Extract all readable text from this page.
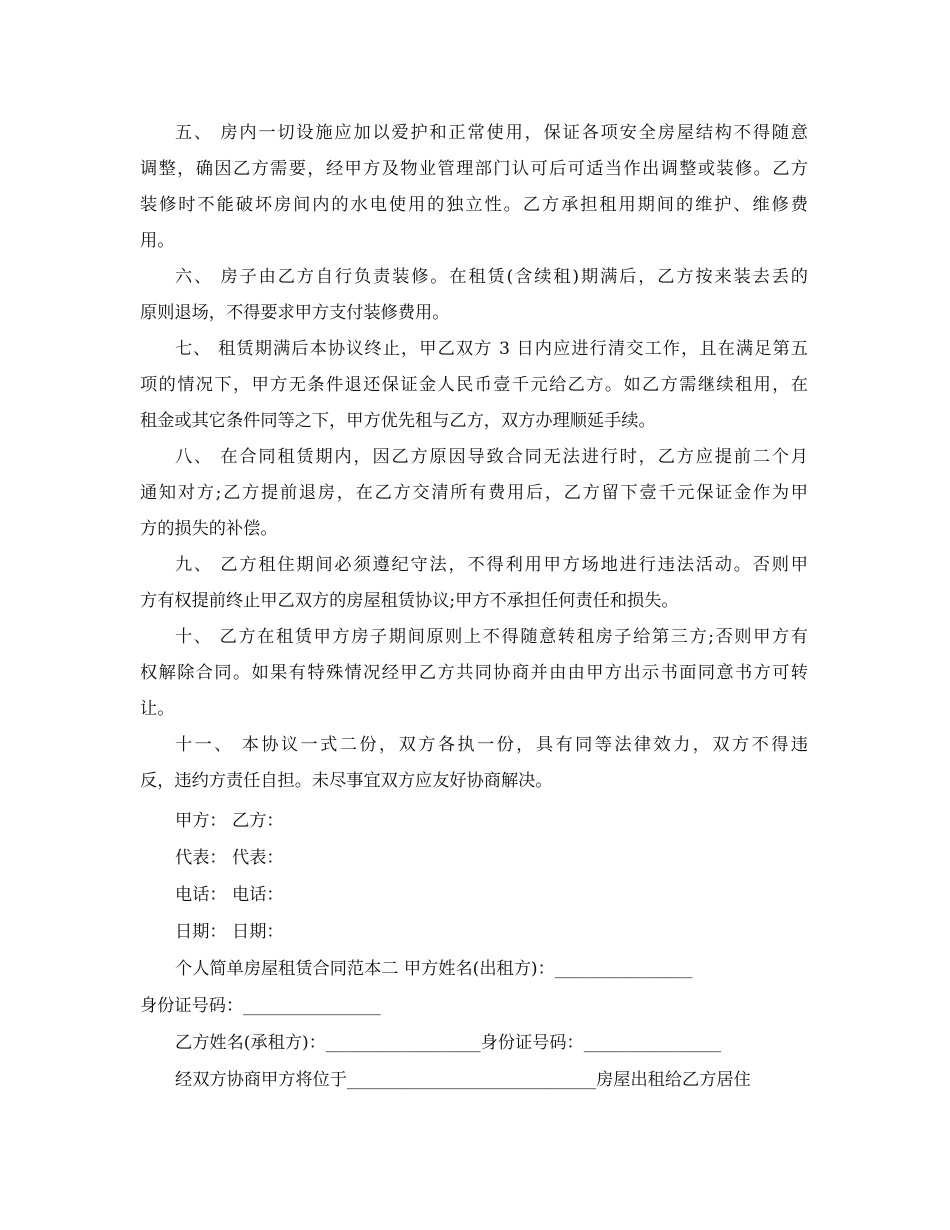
五、 房内一切设施应加以爱护和正常使用，保证各项安全房屋结构不得随意
调整，确因乙方需要，经甲方及物业管理部门认可后可适当作出调整或装修。乙方
装修时不能破坏房间内的水电使用的独立性。乙方承担租用期间的维护、维修费
用。
六、 房子由乙方自行负责装修。在租赁(含续租)期满后，乙方按来装去丢的
原则退场，不得要求甲方支付装修费用。
七、 租赁期满后本协议终止，甲乙双方 3 日内应进行清交工作，且在满足第五
项的情况下，甲方无条件退还保证金人民币壹千元给乙方。如乙方需继续租用，在
租金或其它条件同等之下，甲方优先租与乙方，双方办理顺延手续。
八、 在合同租赁期内，因乙方原因导致合同无法进行时，乙方应提前二个月
通知对方;乙方提前退房，在乙方交清所有费用后，乙方留下壹千元保证金作为甲
方的损失的补偿。
九、 乙方租住期间必须遵纪守法，不得利用甲方场地进行违法活动。否则甲
方有权提前终止甲乙双方的房屋租赁协议;甲方不承担任何责任和损失。
十、 乙方在租赁甲方房子期间原则上不得随意转租房子给第三方;否则甲方有
权解除合同。如果有特殊情况经甲乙方共同协商并由由甲方出示书面同意书方可转
让。
十一、 本协议一式二份，双方各执一份，具有同等法律效力，双方不得违
反，违约方责任自担。未尽事宜双方应友好协商解决。
甲方： 乙方：
代表： 代表：
电话： 电话：
日期： 日期：
个人简单房屋租赁合同范本二 甲方姓名(出租方)：________________
身份证号码：________________
乙方姓名(承租方)：__________________身份证号码：________________
经双方协商甲方将位于_____________________________房屋出租给乙方居住
